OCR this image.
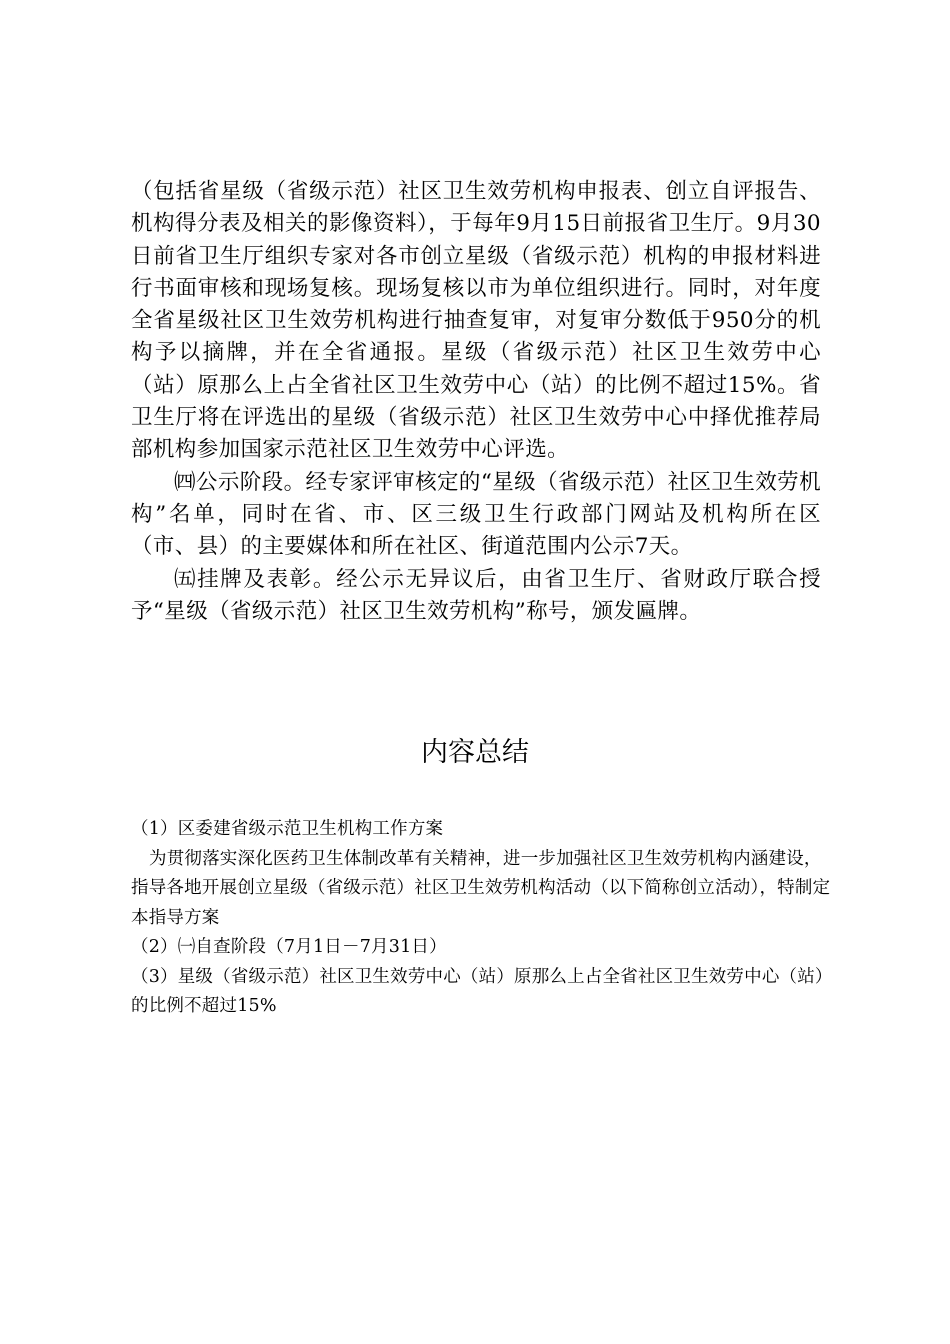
（包括省星级（省级示范）社区卫生效劳机构申报表、创立自评报告、机构得分表及相关的影像资料），于每年9月15日前报省卫生厅。9月30日前省卫生厅组织专家对各市创立星级（省级示范）机构的申报材料进行书面审核和现场复核。现场复核以市为单位组织进行。同时，对年度全省星级社区卫生效劳机构进行抽查复审，对复审分数低于950分的机构予以摘牌，并在全省通报。星级（省级示范）社区卫生效劳中心（站）原那么上占全省社区卫生效劳中心（站）的比例不超过15%。省卫生厅将在评选出的星级（省级示范）社区卫生效劳中心中择优推荐局部机构参加国家示范社区卫生效劳中心评选。

㈣公示阶段。经专家评审核定的“星级（省级示范）社区卫生效劳机构”名单，同时在省、市、区三级卫生行政部门网站及机构所在区（市、县）的主要媒体和所在社区、街道范围内公示7天。

㈤挂牌及表彰。经公示无异议后，由省卫生厅、省财政厅联合授予“星级（省级示范）社区卫生效劳机构”称号，颁发匾牌。

内容总结

（1）区委建省级示范卫生机构工作方案

为贯彻落实深化医药卫生体制改革有关精神，进一步加强社区卫生效劳机构内涵建设，指导各地开展创立星级（省级示范）社区卫生效劳机构活动（以下简称创立活动），特制定本指导方案

（2）㈠自查阶段（7月1日－7月31日）

（3）星级（省级示范）社区卫生效劳中心（站）原那么上占全省社区卫生效劳中心（站）的比例不超过15%
